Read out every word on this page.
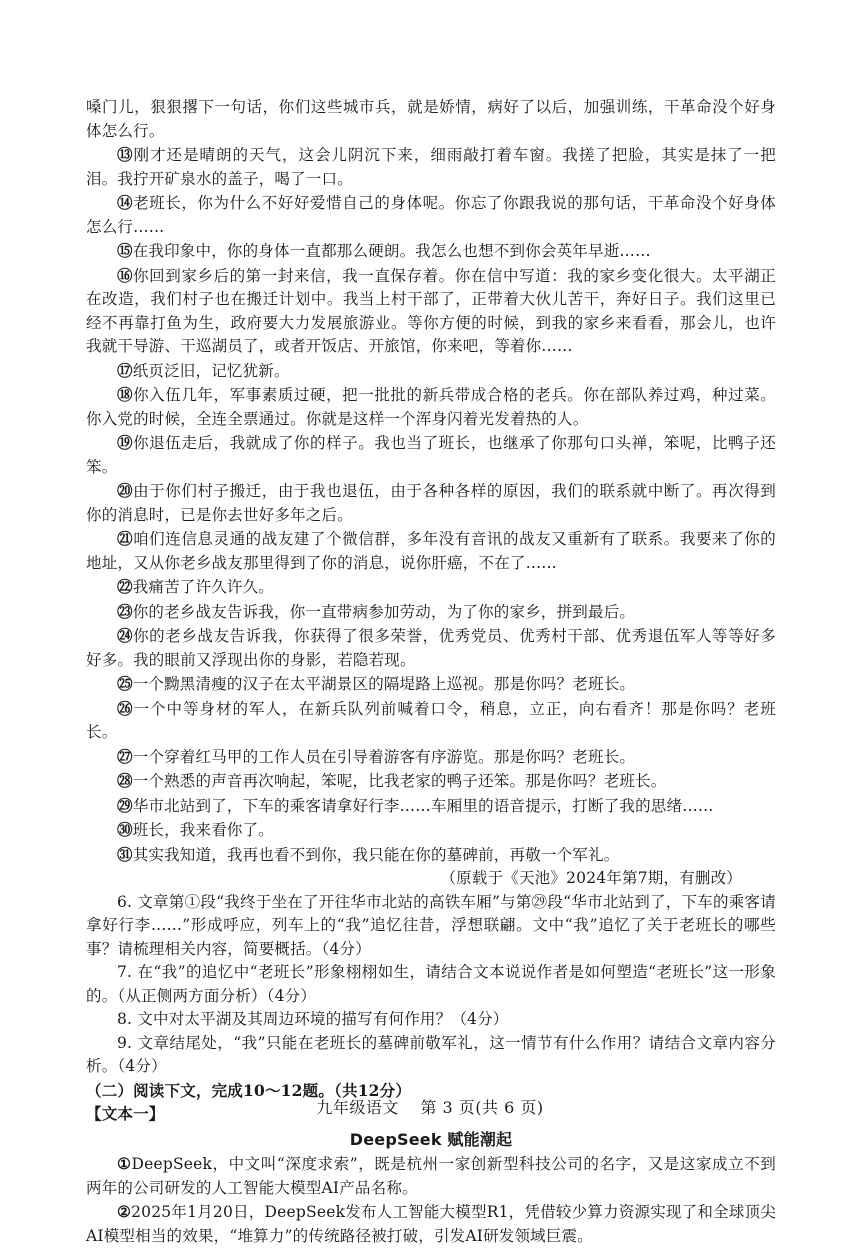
嗓门儿，狠狠撂下一句话，你们这些城市兵，就是娇情，病好了以后，加强训练，干革命没个好身体怎么行。

⑬刚才还是晴朗的天气，这会儿阴沉下来，细雨敲打着车窗。我搓了把脸，其实是抹了一把泪。我拧开矿泉水的盖子，喝了一口。

⑭老班长，你为什么不好好爱惜自己的身体呢。你忘了你跟我说的那句话，干革命没个好身体怎么行……

⑮在我印象中，你的身体一直都那么硬朗。我怎么也想不到你会英年早逝……

⑯你回到家乡后的第一封来信，我一直保存着。你在信中写道：我的家乡变化很大。太平湖正在改造，我们村子也在搬迁计划中。我当上村干部了，正带着大伙儿苦干，奔好日子。我们这里已经不再靠打鱼为生，政府要大力发展旅游业。等你方便的时候，到我的家乡来看看，那会儿，也许我就干导游、干巡湖员了，或者开饭店、开旅馆，你来吧，等着你……

⑰纸页泛旧，记忆犹新。

⑱你入伍几年，军事素质过硬，把一批批的新兵带成合格的老兵。你在部队养过鸡，种过菜。你入党的时候，全连全票通过。你就是这样一个浑身闪着光发着热的人。

⑲你退伍走后，我就成了你的样子。我也当了班长，也继承了你那句口头禅，笨呢，比鸭子还笨。

⑳由于你们村子搬迁，由于我也退伍，由于各种各样的原因，我们的联系就中断了。再次得到你的消息时，已是你去世好多年之后。

㉑咱们连信息灵通的战友建了个微信群，多年没有音讯的战友又重新有了联系。我要来了你的地址，又从你老乡战友那里得到了你的消息，说你肝癌，不在了……

㉒我痛苦了许久许久。

㉓你的老乡战友告诉我，你一直带病参加劳动，为了你的家乡，拼到最后。

㉔你的老乡战友告诉我，你获得了很多荣誉，优秀党员、优秀村干部、优秀退伍军人等等好多好多。我的眼前又浮现出你的身影，若隐若现。

㉕一个黝黑清瘦的汉子在太平湖景区的隔堤路上巡视。那是你吗？老班长。

㉖一个中等身材的军人，在新兵队列前喊着口令，稍息，立正，向右看齐！那是你吗？老班长。

㉗一个穿着红马甲的工作人员在引导着游客有序游览。那是你吗？老班长。

㉘一个熟悉的声音再次响起，笨呢，比我老家的鸭子还笨。那是你吗？老班长。

㉙华市北站到了，下车的乘客请拿好行李……车厢里的语音提示，打断了我的思绪……

㉚班长，我来看你了。

㉛其实我知道，我再也看不到你，我只能在你的墓碑前，再敬一个军礼。

（原载于《天池》2024年第7期，有删改）

6. 文章第①段“我终于坐在了开往华市北站的高铁车厢”与第㉙段“华市北站到了，下车的乘客请拿好行李……”形成呼应，列车上的“我”追忆往昔，浮想联翩。文中“我”追忆了关于老班长的哪些事？请梳理相关内容，简要概括。（4分）

7. 在“我”的追忆中“老班长”形象栩栩如生，请结合文本说说作者是如何塑造“老班长”这一形象的。（从正侧两方面分析）（4分）

8. 文中对太平湖及其周边环境的描写有何作用？（4分）

9. 文章结尾处，“我”只能在老班长的墓碑前敬军礼，这一情节有什么作用？请结合文章内容分析。（4分）

（二）阅读下文，完成10～12题。（共12分）

【文本一】

DeepSeek 赋能潮起

①DeepSeek，中文叫“深度求索”，既是杭州一家创新型科技公司的名字，又是这家成立不到两年的公司研发的人工智能大模型AI产品名称。

②2025年1月20日，DeepSeek发布人工智能大模型R1，凭借较少算力资源实现了和全球顶尖AI模型相当的效果，“堆算力”的传统路径被打破，引发AI研发领域巨震。

九年级语文 第 3 页(共 6 页)
